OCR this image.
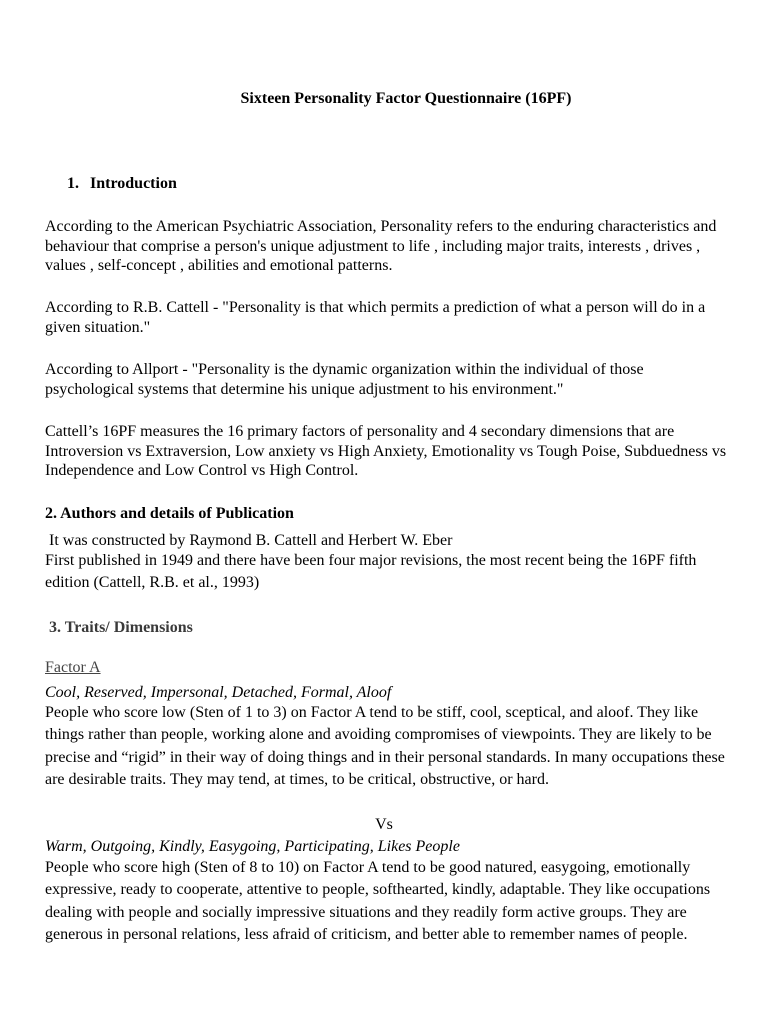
Sixteen Personality Factor Questionnaire (16PF)

1. Introduction

According to the American Psychiatric Association, Personality refers to the enduring characteristics and behaviour that comprise a person's unique adjustment to life , including major traits, interests , drives , values , self-concept , abilities and emotional patterns.

According to R.B. Cattell - "Personality is that which permits a prediction of what a person will do in a given situation."

According to Allport - "Personality is the dynamic organization within the individual of those psychological systems that determine his unique adjustment to his environment."

Cattell’s 16PF measures the 16 primary factors of personality and 4 secondary dimensions that are Introversion vs Extraversion, Low anxiety vs High Anxiety, Emotionality vs Tough Poise, Subduedness vs Independence and Low Control vs High Control.

2. Authors and details of Publication

It was constructed by Raymond B. Cattell and Herbert W. Eber

First published in 1949 and there have been four major revisions, the most recent being the 16PF fifth edition (Cattell, R.B. et al., 1993)

3. Traits/ Dimensions

Factor A

Cool, Reserved, Impersonal, Detached, Formal, Aloof

People who score low (Sten of 1 to 3) on Factor A tend to be stiff, cool, sceptical, and aloof. They like things rather than people, working alone and avoiding compromises of viewpoints. They are likely to be precise and “rigid” in their way of doing things and in their personal standards. In many occupations these are desirable traits. They may tend, at times, to be critical, obstructive, or hard.

Vs

Warm, Outgoing, Kindly, Easygoing, Participating, Likes People

People who score high (Sten of 8 to 10) on Factor A tend to be good natured, easygoing, emotionally expressive, ready to cooperate, attentive to people, softhearted, kindly, adaptable. They like occupations dealing with people and socially impressive situations and they readily form active groups. They are generous in personal relations, less afraid of criticism, and better able to remember names of people.
